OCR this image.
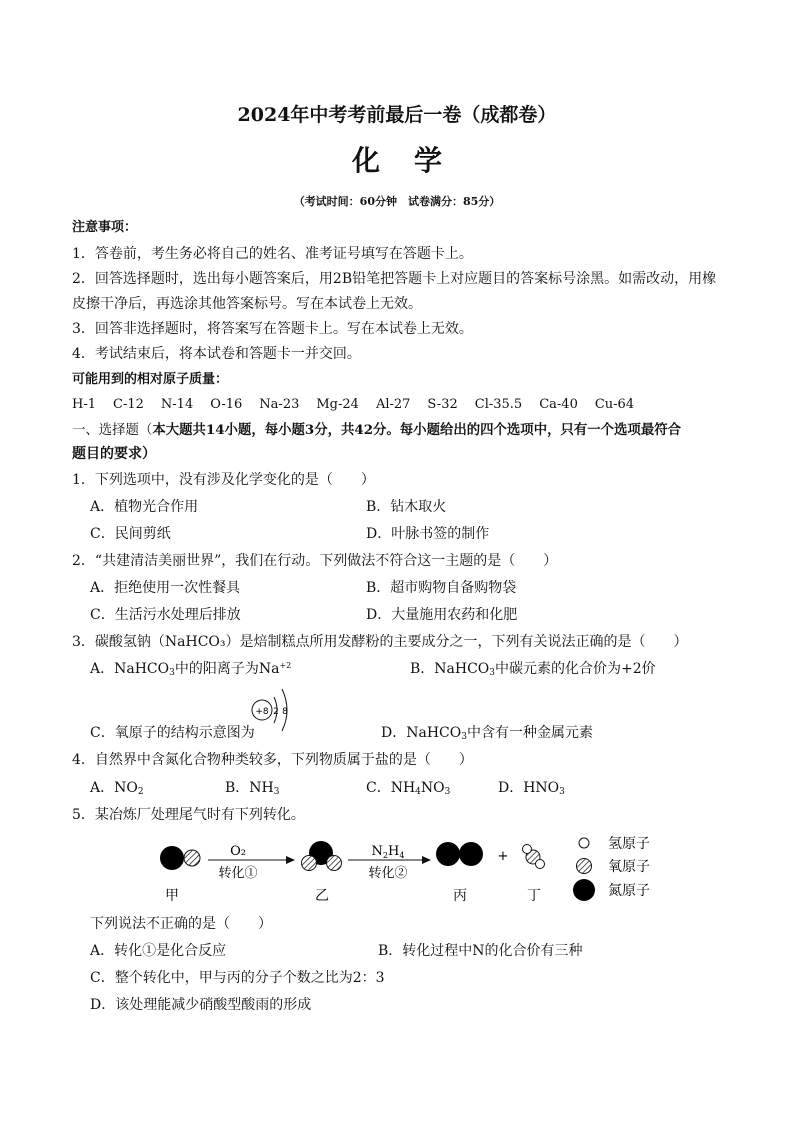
2024年中考考前最后一卷（成都卷）
化学
（考试时间：60分钟　试卷满分：85分）
注意事项：
1．答卷前，考生务必将自己的姓名、准考证号填写在答题卡上。
2．回答选择题时，选出每小题答案后，用2B铅笔把答题卡上对应题目的答案标号涂黑。如需改动，用橡
皮擦干净后，再选涂其他答案标号。写在本试卷上无效。
3．回答非选择题时，将答案写在答题卡上。写在本试卷上无效。
4．考试结束后，将本试卷和答题卡一并交回。
可能用到的相对原子质量：
H-1 C-12 N-14 O-16 Na-23 Mg-24 Al-27 S-32 Cl-35.5 Ca-40 Cu-64
一、选择题（本大题共14小题，每小题3分，共42分。每小题给出的四个选项中，只有一个选项最符合
题目的要求）
1．下列选项中，没有涉及化学变化的是（　　）
A．植物光合作用	B．钻木取火
C．民间剪纸	D．叶脉书签的制作
2．“共建清洁美丽世界”，我们在行动。下列做法不符合这一主题的是（　　）
A．拒绝使用一次性餐具	B．超市购物自备购物袋
C．生活污水处理后排放	D．大量施用农药和化肥
3．碳酸氢钠（NaHCO₃）是焙制糕点所用发酵粉的主要成分之一，下列有关说法正确的是（　　）
A．NaHCO$_3$中的阳离子为$Na^{+2}$	B．NaHCO$_3$中碳元素的化合价为+2价
C．氧原子的结构示意图为
+8 2 8
D．NaHCO$_3$中含有一种金属元素
4．自然界中含氮化合物种类较多，下列物质属于盐的是（　　）
A．$NO_2$	B．$NH_3$	C．$NH_4NO_3$	D．$HNO_3$
5．某冶炼厂处理尾气时有下列转化。
O₂
转化①
$N_2H_4$
转化②
+
甲	乙	丙	丁
氢原子
氧原子
氮原子
下列说法不正确的是（　　）
A．转化①是化合反应	B．转化过程中N的化合价有三种
C．整个转化中，甲与丙的分子个数之比为2：3
D．该处理能减少硝酸型酸雨的形成
